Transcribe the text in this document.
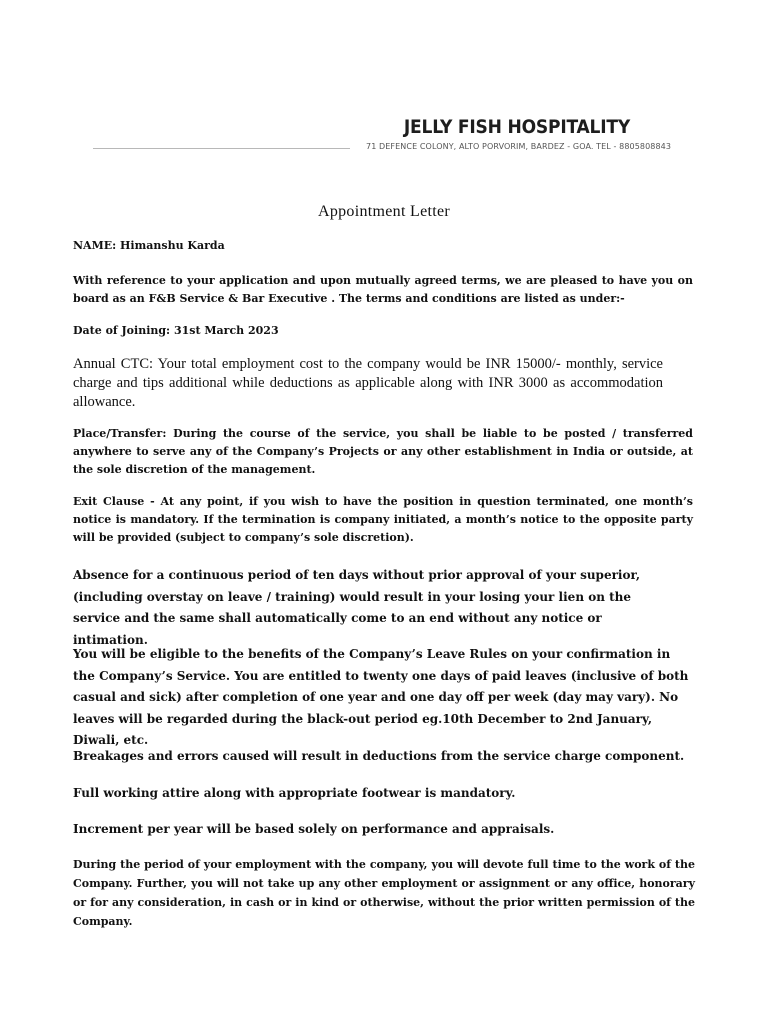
JELLY FISH HOSPITALITY
71 DEFENCE COLONY, ALTO PORVORIM, BARDEZ - GOA. TEL - 8805808843
Appointment Letter

NAME: Himanshu Karda

With reference to your application and upon mutually agreed terms, we are pleased to have you on board as an F&B Service & Bar Executive . The terms and conditions are listed as under:-

Date of Joining: 31st March 2023

Annual CTC: Your total employment cost to the company would be INR 15000/- monthly, service charge and tips additional while deductions as applicable along with INR 3000 as accommodation allowance.

Place/Transfer: During the course of the service, you shall be liable to be posted / transferred anywhere to serve any of the Company’s Projects or any other establishment in India or outside, at the sole discretion of the management.

Exit Clause - At any point, if you wish to have the position in question terminated, one month’s notice is mandatory. If the termination is company initiated, a month’s notice to the opposite party will be provided (subject to company’s sole discretion).

Absence for a continuous period of ten days without prior approval of your superior, (including overstay on leave / training) would result in your losing your lien on the service and the same shall automatically come to an end without any notice or intimation.

You will be eligible to the benefits of the Company’s Leave Rules on your confirmation in the Company’s Service. You are entitled to twenty one days of paid leaves (inclusive of both casual and sick) after completion of one year and one day off per week (day may vary). No leaves will be regarded during the black-out period eg.10th December to 2nd January, Diwali, etc.

Breakages and errors caused will result in deductions from the service charge component.

Full working attire along with appropriate footwear is mandatory.

Increment per year will be based solely on performance and appraisals.

During the period of your employment with the company, you will devote full time to the work of the Company. Further, you will not take up any other employment or assignment or any office, honorary or for any consideration, in cash or in kind or otherwise, without the prior written permission of the Company.
